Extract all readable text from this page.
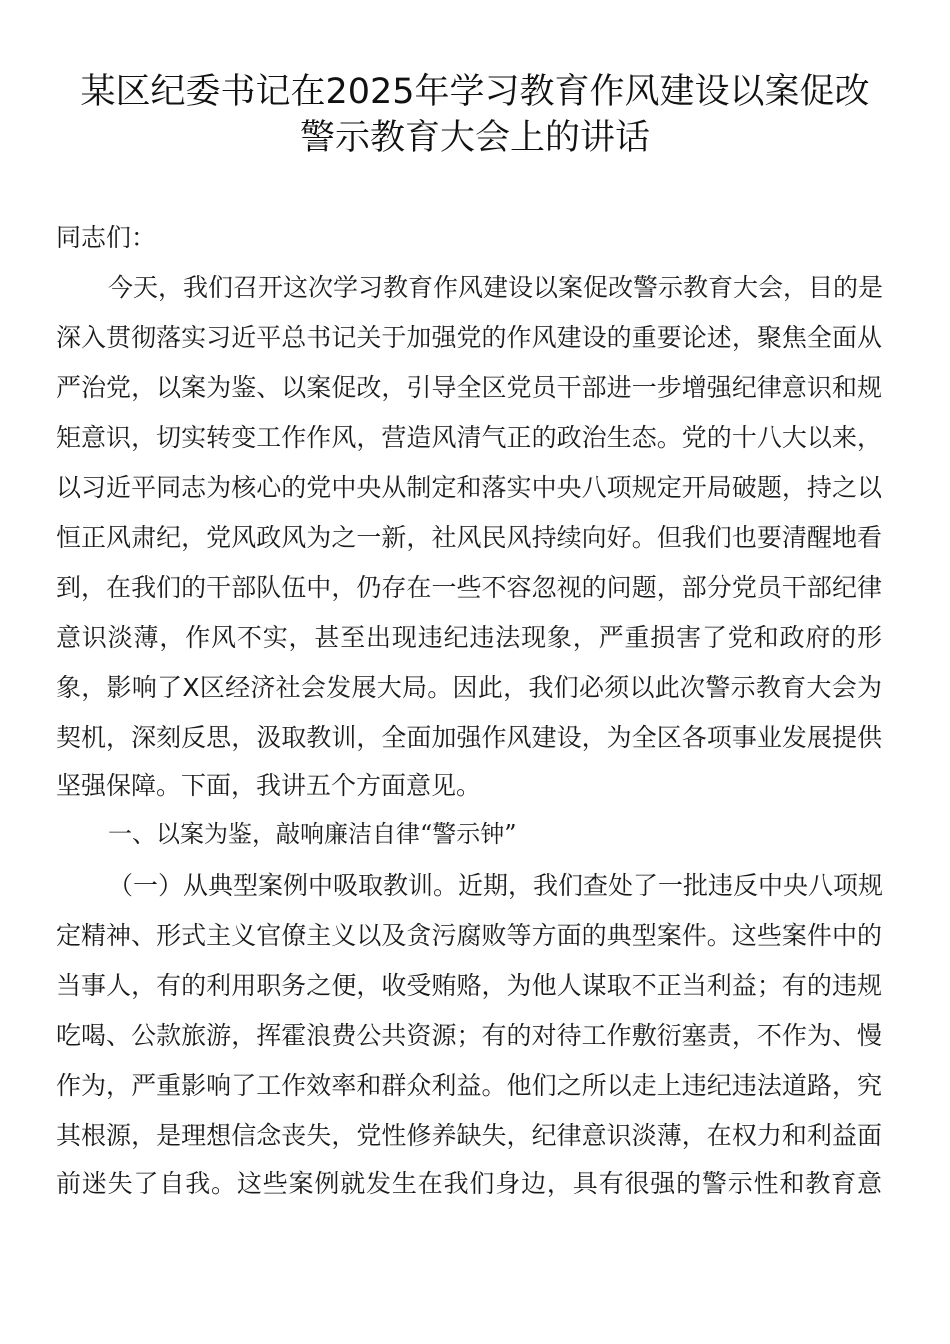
某区纪委书记在2025年学习教育作风建设以案促改
警示教育大会上的讲话
同志们：
今天，我们召开这次学习教育作风建设以案促改警示教育大会，目的是
深入贯彻落实习近平总书记关于加强党的作风建设的重要论述，聚焦全面从
严治党，以案为鉴、以案促改，引导全区党员干部进一步增强纪律意识和规
矩意识，切实转变工作作风，营造风清气正的政治生态。党的十八大以来，
以习近平同志为核心的党中央从制定和落实中央八项规定开局破题，持之以
恒正风肃纪，党风政风为之一新，社风民风持续向好。但我们也要清醒地看
到，在我们的干部队伍中，仍存在一些不容忽视的问题，部分党员干部纪律
意识淡薄，作风不实，甚至出现违纪违法现象，严重损害了党和政府的形
象，影响了X区经济社会发展大局。因此，我们必须以此次警示教育大会为
契机，深刻反思，汲取教训，全面加强作风建设，为全区各项事业发展提供
坚强保障。下面，我讲五个方面意见。
一、以案为鉴，敲响廉洁自律“警示钟”
（一）从典型案例中吸取教训。近期，我们查处了一批违反中央八项规
定精神、形式主义官僚主义以及贪污腐败等方面的典型案件。这些案件中的
当事人，有的利用职务之便，收受贿赂，为他人谋取不正当利益；有的违规
吃喝、公款旅游，挥霍浪费公共资源；有的对待工作敷衍塞责，不作为、慢
作为，严重影响了工作效率和群众利益。他们之所以走上违纪违法道路，究
其根源，是理想信念丧失，党性修养缺失，纪律意识淡薄，在权力和利益面
前迷失了自我。这些案例就发生在我们身边，具有很强的警示性和教育意
